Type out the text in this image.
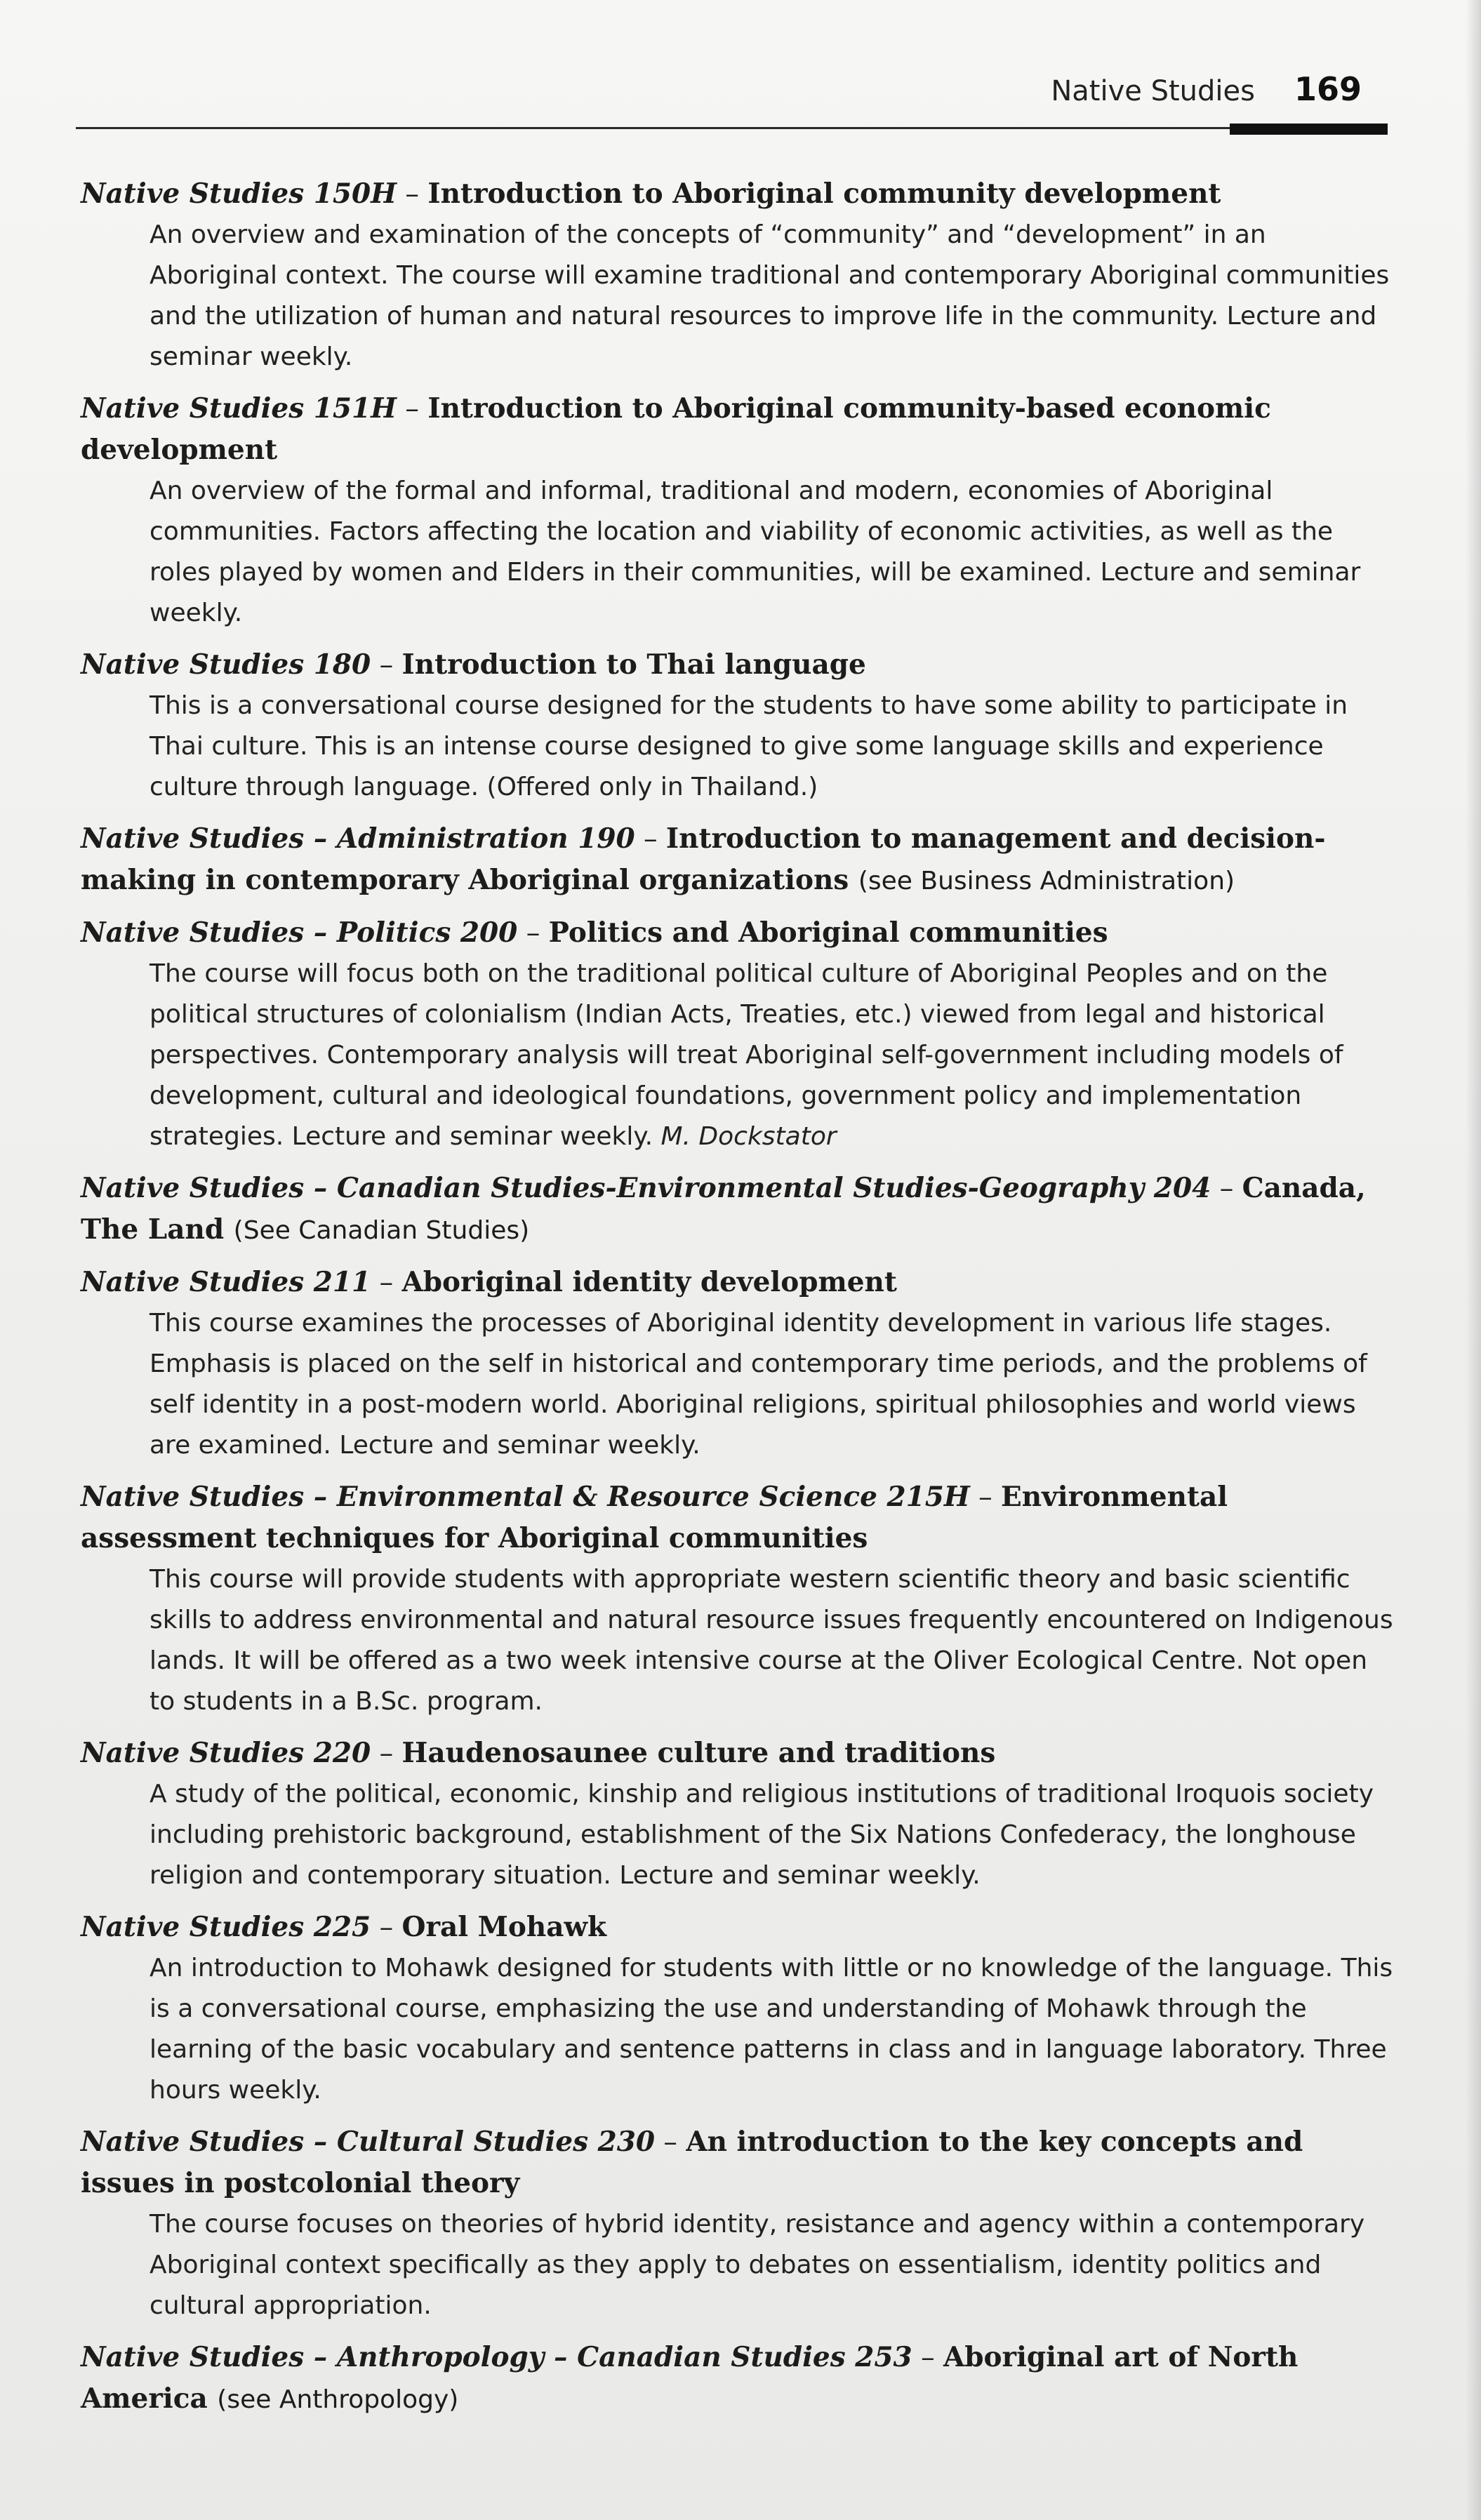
Native Studies 169

Native Studies 150H – Introduction to Aboriginal community development

An overview and examination of the concepts of “community” and “development” in an Aboriginal context. The course will examine traditional and contemporary Aboriginal communities and the utilization of human and natural resources to improve life in the community. Lecture and seminar weekly.

Native Studies 151H – Introduction to Aboriginal community-based economic development

An overview of the formal and informal, traditional and modern, economies of Aboriginal communities. Factors affecting the location and viability of economic activities, as well as the roles played by women and Elders in their communities, will be examined. Lecture and seminar weekly.

Native Studies 180 – Introduction to Thai language

This is a conversational course designed for the students to have some ability to participate in Thai culture. This is an intense course designed to give some language skills and experience culture through language. (Offered only in Thailand.)

Native Studies – Administration 190 – Introduction to management and decision-making in contemporary Aboriginal organizations (see Business Administration)

Native Studies – Politics 200 – Politics and Aboriginal communities

The course will focus both on the traditional political culture of Aboriginal Peoples and on the political structures of colonialism (Indian Acts, Treaties, etc.) viewed from legal and historical perspectives. Contemporary analysis will treat Aboriginal self-government including models of development, cultural and ideological foundations, government policy and implementation strategies. Lecture and seminar weekly. M. Dockstator

Native Studies – Canadian Studies-Environmental Studies-Geography 204 – Canada, The Land (See Canadian Studies)

Native Studies 211 – Aboriginal identity development

This course examines the processes of Aboriginal identity development in various life stages. Emphasis is placed on the self in historical and contemporary time periods, and the problems of self identity in a post-modern world. Aboriginal religions, spiritual philosophies and world views are examined. Lecture and seminar weekly.

Native Studies – Environmental & Resource Science 215H – Environmental assessment techniques for Aboriginal communities

This course will provide students with appropriate western scientific theory and basic scientific skills to address environmental and natural resource issues frequently encountered on Indigenous lands. It will be offered as a two week intensive course at the Oliver Ecological Centre. Not open to students in a B.Sc. program.

Native Studies 220 – Haudenosaunee culture and traditions

A study of the political, economic, kinship and religious institutions of traditional Iroquois society including prehistoric background, establishment of the Six Nations Confederacy, the longhouse religion and contemporary situation. Lecture and seminar weekly.

Native Studies 225 – Oral Mohawk

An introduction to Mohawk designed for students with little or no knowledge of the language. This is a conversational course, emphasizing the use and understanding of Mohawk through the learning of the basic vocabulary and sentence patterns in class and in language laboratory. Three hours weekly.

Native Studies – Cultural Studies 230 – An introduction to the key concepts and issues in postcolonial theory

The course focuses on theories of hybrid identity, resistance and agency within a contemporary Aboriginal context specifically as they apply to debates on essentialism, identity politics and cultural appropriation.

Native Studies – Anthropology – Canadian Studies 253 – Aboriginal art of North America (see Anthropology)
